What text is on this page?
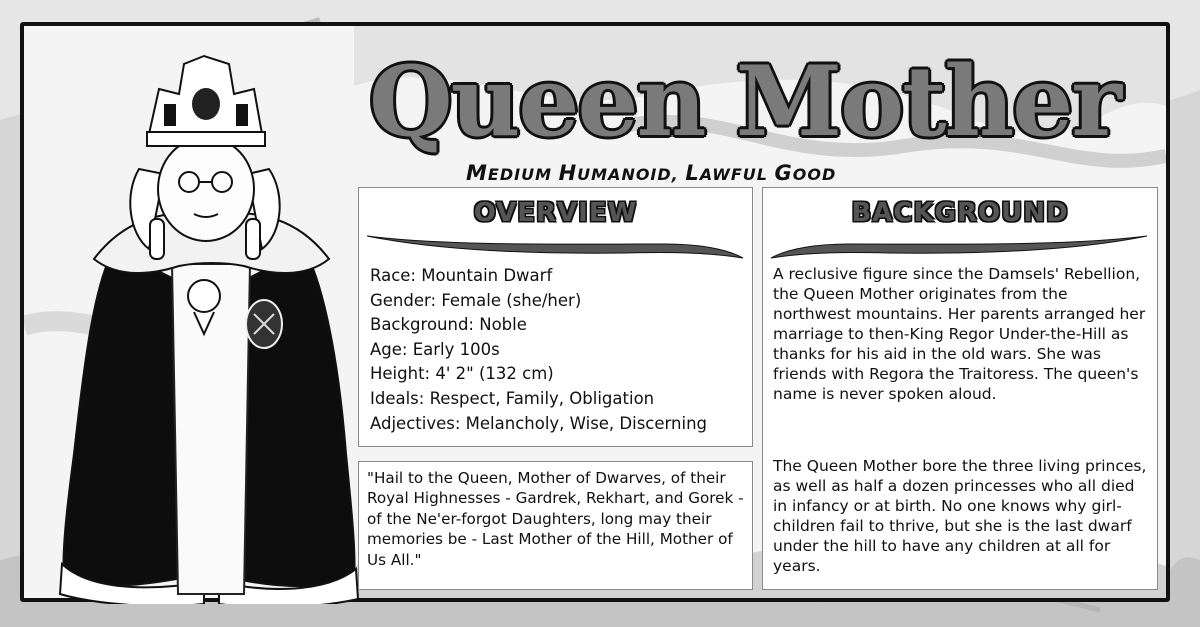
Queen Mother
MEDIUM HUMANOID, LAWFUL GOOD
OVERVIEW
Race: Mountain Dwarf
Gender: Female (she/her)
Background: Noble
Age: Early 100s
Height: 4' 2" (132 cm)
Ideals: Respect, Family, Obligation
Adjectives: Melancholy, Wise, Discerning

"Hail to the Queen, Mother of Dwarves, of their Royal Highnesses - Gardrek, Rekhart, and Gorek - of the Ne'er-forgot Daughters, long may their memories be - Last Mother of the Hill, Mother of Us All."

BACKGROUND

A reclusive figure since the Damsels' Rebellion, the Queen Mother originates from the northwest mountains. Her parents arranged her marriage to then-King Regor Under-the-Hill as thanks for his aid in the old wars. She was friends with Regora the Traitoress. The queen's name is never spoken aloud.

The Queen Mother bore the three living princes, as well as half a dozen princesses who all died in infancy or at birth. No one knows why girl-children fail to thrive, but she is the last dwarf under the hill to have any children at all for years.
